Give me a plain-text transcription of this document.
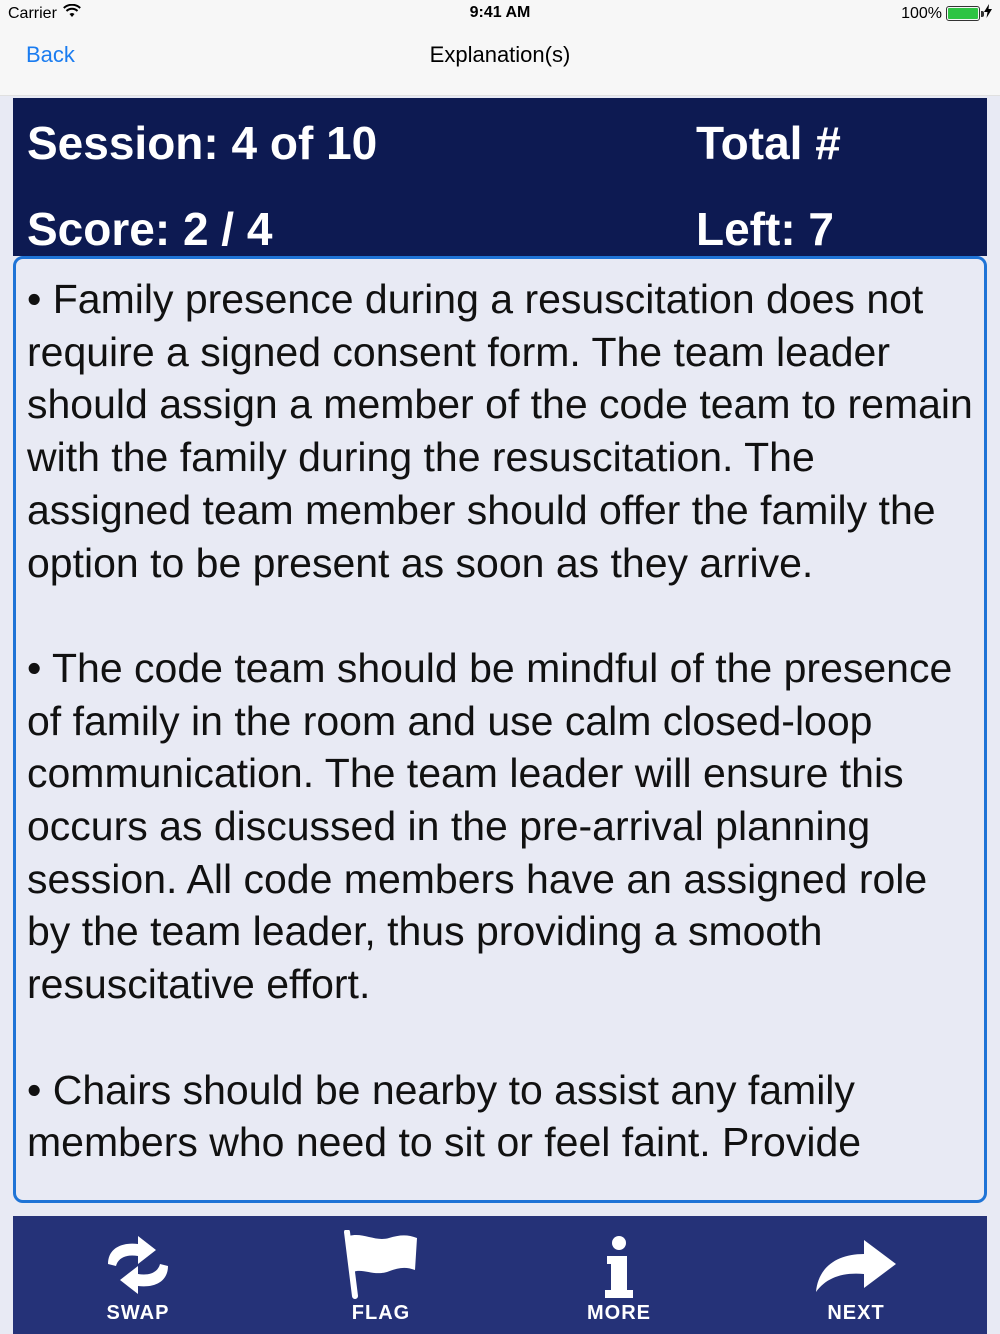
Carrier	9:41 AM	100%
Back	Explanation(s)
Session: 4 of 10	Total #
Score: 2 / 4	Left: 7

• Family presence during a resuscitation does not require a signed consent form. The team leader should assign a member of the code team to remain with the family during the resuscitation. The assigned team member should offer the family the option to be present as soon as they arrive.

• The code team should be mindful of the presence of family in the room and use calm closed-loop communication. The team leader will ensure this occurs as discussed in the pre-arrival planning session. All code members have an assigned role by the team leader, thus providing a smooth resuscitative effort.

• Chairs should be nearby to assist any family members who need to sit or feel faint. Provide

SWAP	FLAG	MORE	NEXT
